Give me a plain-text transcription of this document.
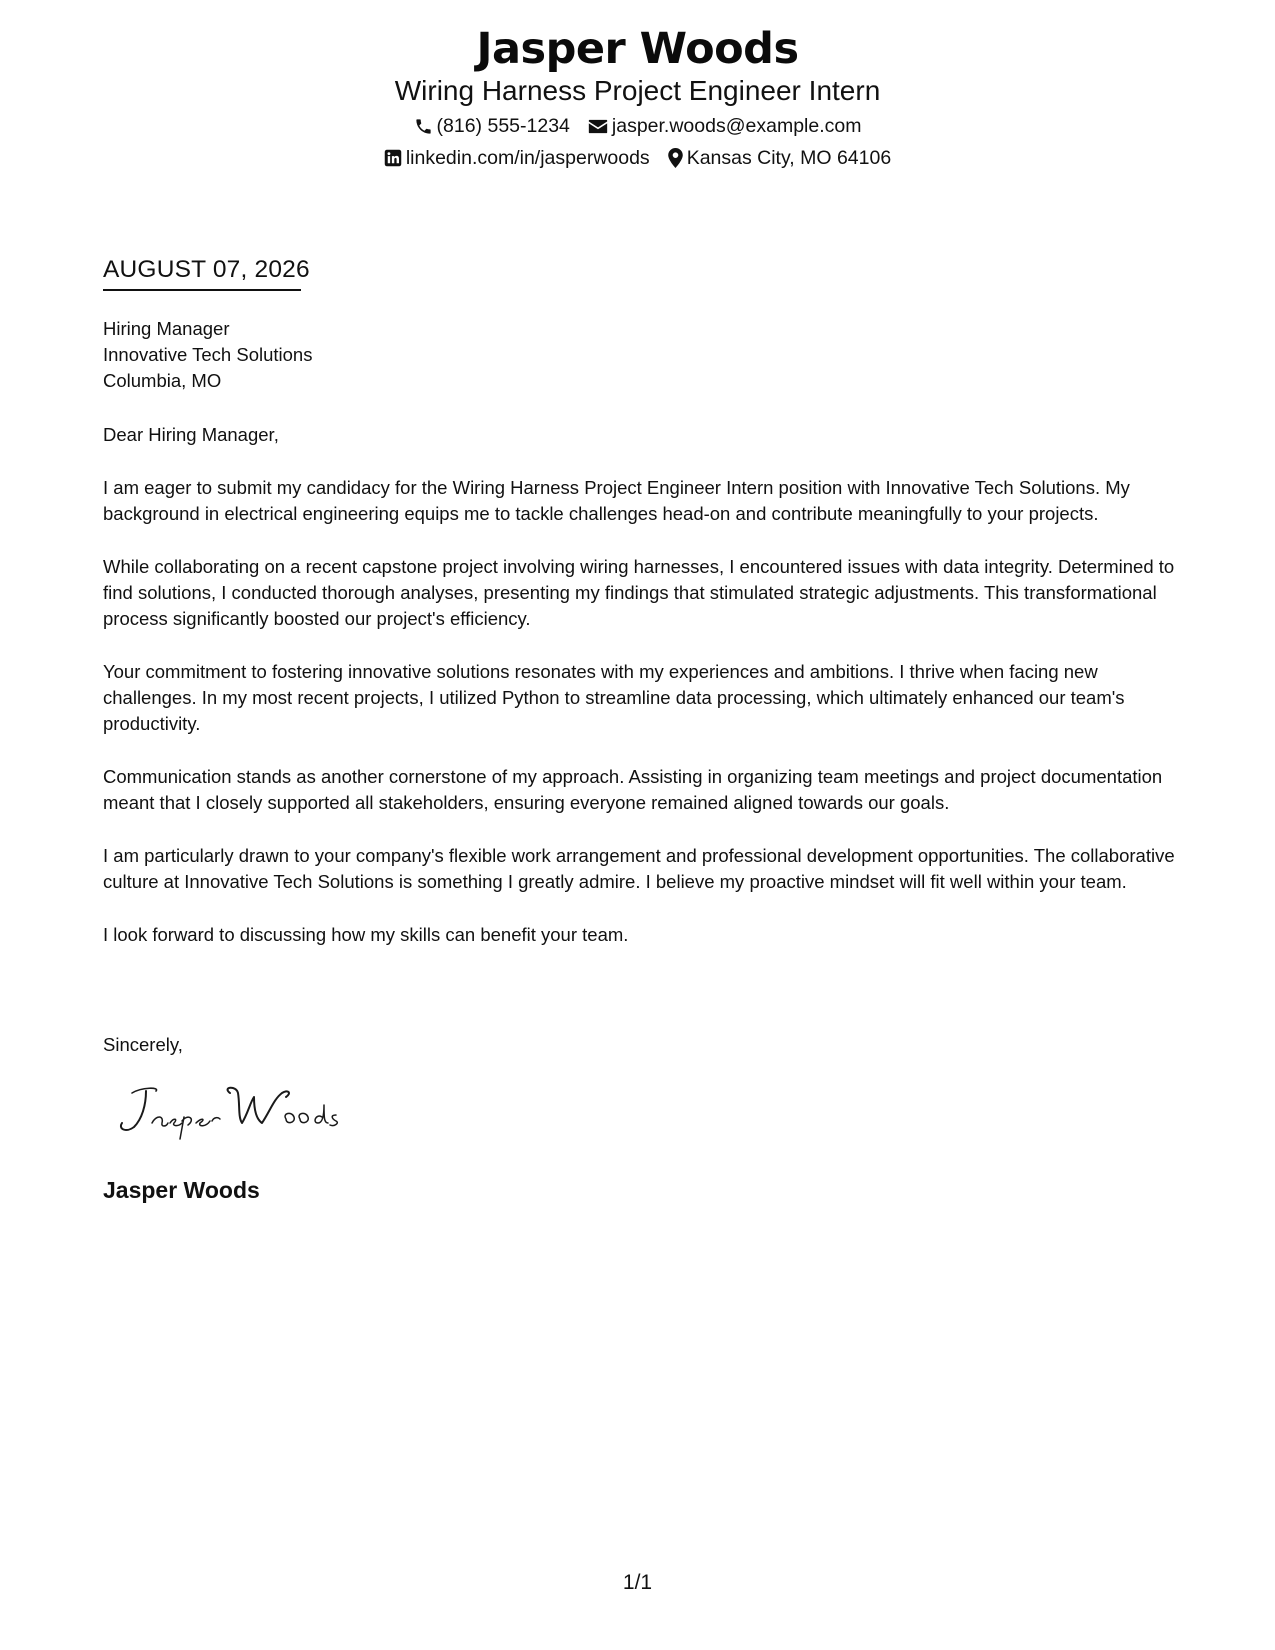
Jasper Woods
Wiring Harness Project Engineer Intern
(816) 555-1234 jasper.woods@example.com
linkedin.com/in/jasperwoods Kansas City, MO 64106
AUGUST 07, 2026
Hiring Manager
Innovative Tech Solutions
Columbia, MO

Dear Hiring Manager,

I am eager to submit my candidacy for the Wiring Harness Project Engineer Intern position with Innovative Tech Solutions. My background in electrical engineering equips me to tackle challenges head-on and contribute meaningfully to your projects.

While collaborating on a recent capstone project involving wiring harnesses, I encountered issues with data integrity. Determined to find solutions, I conducted thorough analyses, presenting my findings that stimulated strategic adjustments. This transformational process significantly boosted our project's efficiency.

Your commitment to fostering innovative solutions resonates with my experiences and ambitions. I thrive when facing new challenges. In my most recent projects, I utilized Python to streamline data processing, which ultimately enhanced our team's productivity.

Communication stands as another cornerstone of my approach. Assisting in organizing team meetings and project documentation meant that I closely supported all stakeholders, ensuring everyone remained aligned towards our goals.

I am particularly drawn to your company's flexible work arrangement and professional development opportunities. The collaborative culture at Innovative Tech Solutions is something I greatly admire. I believe my proactive mindset will fit well within your team.

I look forward to discussing how my skills can benefit your team.

Sincerely,
Jasper Woods
1/1
